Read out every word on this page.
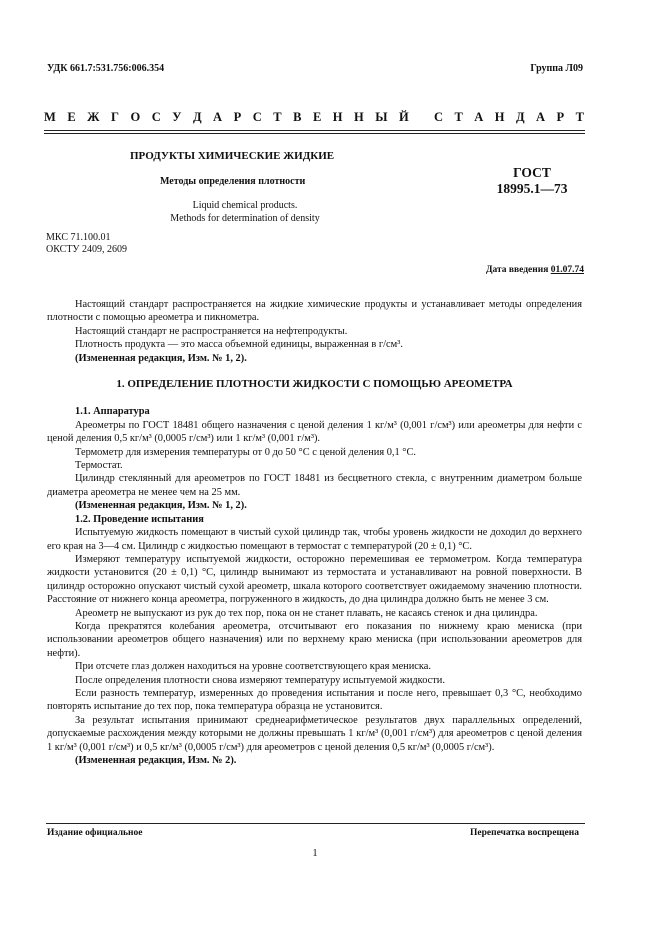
УДК 661.7:531.756:006.354	Группа Л09
М Е Ж Г О С У Д А Р С Т В Е Н Н Ы Й С Т А Н Д А Р Т
ПРОДУКТЫ ХИМИЧЕСКИЕ ЖИДКИЕ
Методы определения плотности
Liquid chemical products.
Methods for determination of density
ГОСТ
18995.1—73
МКС 71.100.01
ОКСТУ 2409, 2609
Дата введения 01.07.74

Настоящий стандарт распространяется на жидкие химические продукты и устанавливает методы определения плотности с помощью ареометра и пикнометра.

Настоящий стандарт не распространяется на нефтепродукты.

Плотность продукта — это масса объемной единицы, выраженная в г/см³.

(Измененная редакция, Изм. № 1, 2).

1. ОПРЕДЕЛЕНИЕ ПЛОТНОСТИ ЖИДКОСТИ С ПОМОЩЬЮ АРЕОМЕТРА

1.1. Аппаратура

Ареометры по ГОСТ 18481 общего назначения с ценой деления 1 кг/м³ (0,001 г/см³) или ареометры для нефти с ценой деления 0,5 кг/м³ (0,0005 г/см³) или 1 кг/м³ (0,001 г/м³).

Термометр для измерения температуры от 0 до 50 °С с ценой деления 0,1 °С.

Термостат.

Цилиндр стеклянный для ареометров по ГОСТ 18481 из бесцветного стекла, с внутренним диаметром больше диаметра ареометра не менее чем на 25 мм.

(Измененная редакция, Изм. № 1, 2).

1.2. Проведение испытания

Испытуемую жидкость помещают в чистый сухой цилиндр так, чтобы уровень жидкости не доходил до верхнего его края на 3—4 см. Цилиндр с жидкостью помещают в термостат с температурой (20 ± 0,1) °С.

Измеряют температуру испытуемой жидкости, осторожно перемешивая ее термометром. Когда температура жидкости установится (20 ± 0,1) °С, цилиндр вынимают из термостата и устанавливают на ровной поверхности. В цилиндр осторожно опускают чистый сухой ареометр, шкала которого соответствует ожидаемому значению плотности. Расстояние от нижнего конца ареометра, погруженного в жидкость, до дна цилиндра должно быть не менее 3 см.

Ареометр не выпускают из рук до тех пор, пока он не станет плавать, не касаясь стенок и дна цилиндра.

Когда прекратятся колебания ареометра, отсчитывают его показания по нижнему краю мениска (при использовании ареометров общего назначения) или по верхнему краю мениска (при использовании ареометров для нефти).

При отсчете глаз должен находиться на уровне соответствующего края мениска.

После определения плотности снова измеряют температуру испытуемой жидкости.

Если разность температур, измеренных до проведения испытания и после него, превышает 0,3 °С, необходимо повторять испытание до тех пор, пока температура образца не установится.

За результат испытания принимают среднеарифметическое результатов двух параллельных определений, допускаемые расхождения между которыми не должны превышать 1 кг/м³ (0,001 г/см³) для ареометров с ценой деления 1 кг/м³ (0,001 г/см³) и 0,5 кг/м³ (0,0005 г/см³) для ареометров с ценой деления 0,5 кг/м³ (0,0005 г/см³).

(Измененная редакция, Изм. № 2).

Издание официальное	Перепечатка воспрещена
1
